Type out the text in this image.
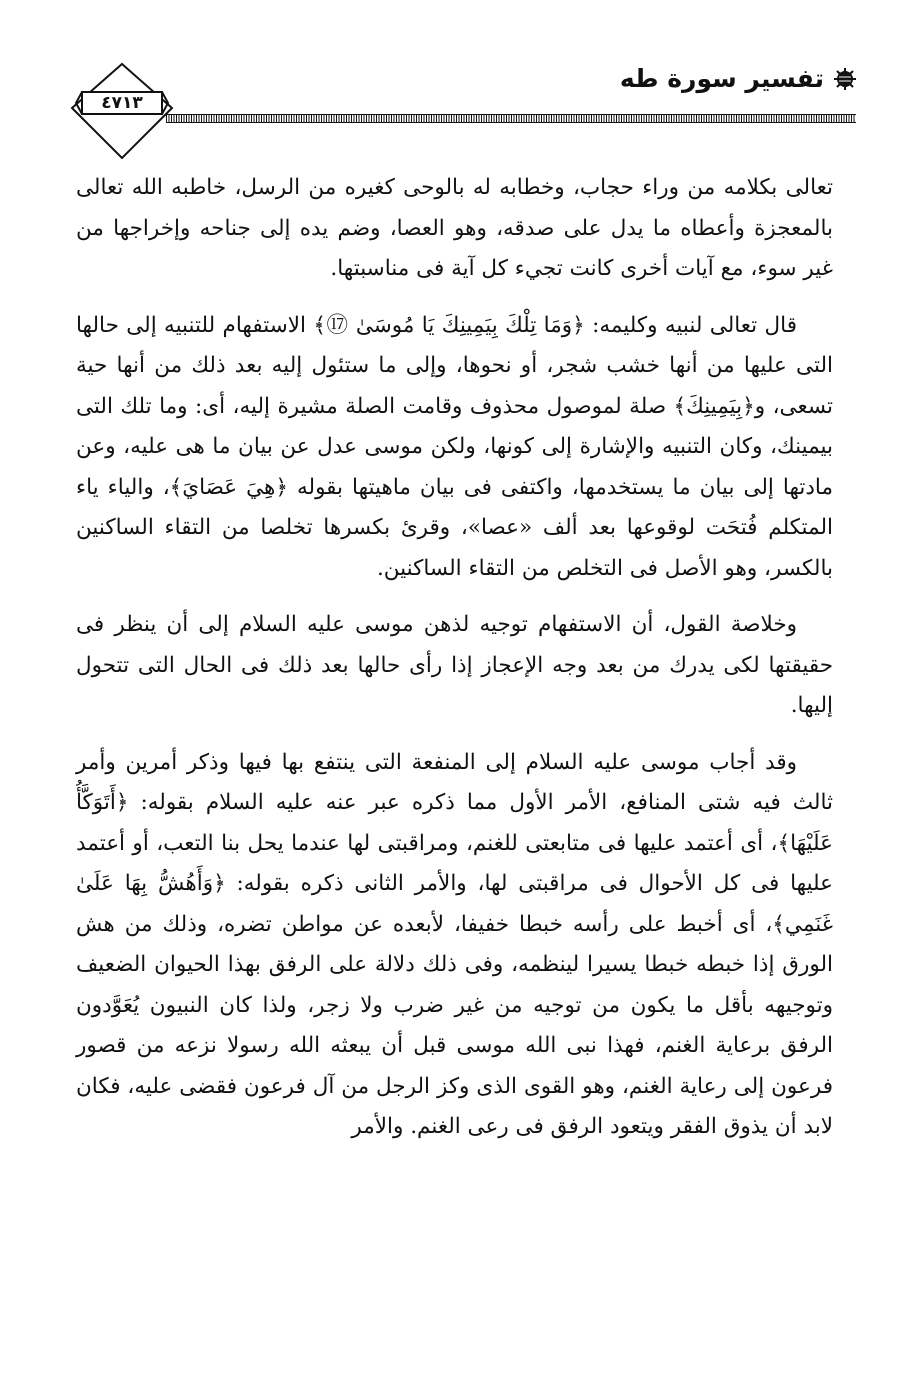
تفسير سورة طه
٤٧١٣

تعالى بكلامه من وراء حجاب، وخطابه له بالوحى كغيره من الرسل، خاطبه الله تعالى بالمعجزة وأعطاه ما يدل على صدقه، وهو العصا، وضم يده إلى جناحه وإخراجها من غير سوء، مع آيات أخرى كانت تجيء كل آية فى مناسبتها.

قال تعالى لنبيه وكليمه: ﴿وَمَا تِلْكَ بِيَمِينِكَ يَا مُوسَىٰ ⑰﴾ الاستفهام للتنبيه إلى حالها التى عليها من أنها خشب شجر، أو نحوها، وإلى ما ستئول إليه بعد ذلك من أنها حية تسعى، و﴿بِيَمِينِكَ﴾ صلة لموصول محذوف وقامت الصلة مشيرة إليه، أى: وما تلك التى بيمينك، وكان التنبيه والإشارة إلى كونها، ولكن موسى عدل عن بيان ما هى عليه، وعن مادتها إلى بيان ما يستخدمها، واكتفى فى بيان ماهيتها بقوله ﴿هِيَ عَصَايَ﴾، والياء ياء المتكلم فُتحَت لوقوعها بعد ألف «عصا»، وقرئ بكسرها تخلصا من التقاء الساكنين بالكسر، وهو الأصل فى التخلص من التقاء الساكنين.

وخلاصة القول، أن الاستفهام توجيه لذهن موسى عليه السلام إلى أن ينظر فى حقيقتها لكى يدرك من بعد وجه الإعجاز إذا رأى حالها بعد ذلك فى الحال التى تتحول إليها.

وقد أجاب موسى عليه السلام إلى المنفعة التى ينتفع بها فيها وذكر أمرين وأمر ثالث فيه شتى المنافع، الأمر الأول مما ذكره عبر عنه عليه السلام بقوله: ﴿أَتَوَكَّأُ عَلَيْهَا﴾، أى أعتمد عليها فى متابعتى للغنم، ومراقبتى لها عندما يحل بنا التعب، أو أعتمد عليها فى كل الأحوال فى مراقبتى لها، والأمر الثانى ذكره بقوله: ﴿وَأَهُشُّ بِهَا عَلَىٰ غَنَمِي﴾، أى أخبط على رأسه خبطا خفيفا، لأبعده عن مواطن تضره، وذلك من هش الورق إذا خبطه خبطا يسيرا لينظمه، وفى ذلك دلالة على الرفق بهذا الحيوان الضعيف وتوجيهه بأقل ما يكون من توجيه من غير ضرب ولا زجر، ولذا كان النبيون يُعَوَّدون الرفق برعاية الغنم، فهذا نبى الله موسى قبل أن يبعثه الله رسولا نزعه من قصور فرعون إلى رعاية الغنم، وهو القوى الذى وكز الرجل من آل فرعون فقضى عليه، فكان لابد أن يذوق الفقر ويتعود الرفق فى رعى الغنم. والأمر
